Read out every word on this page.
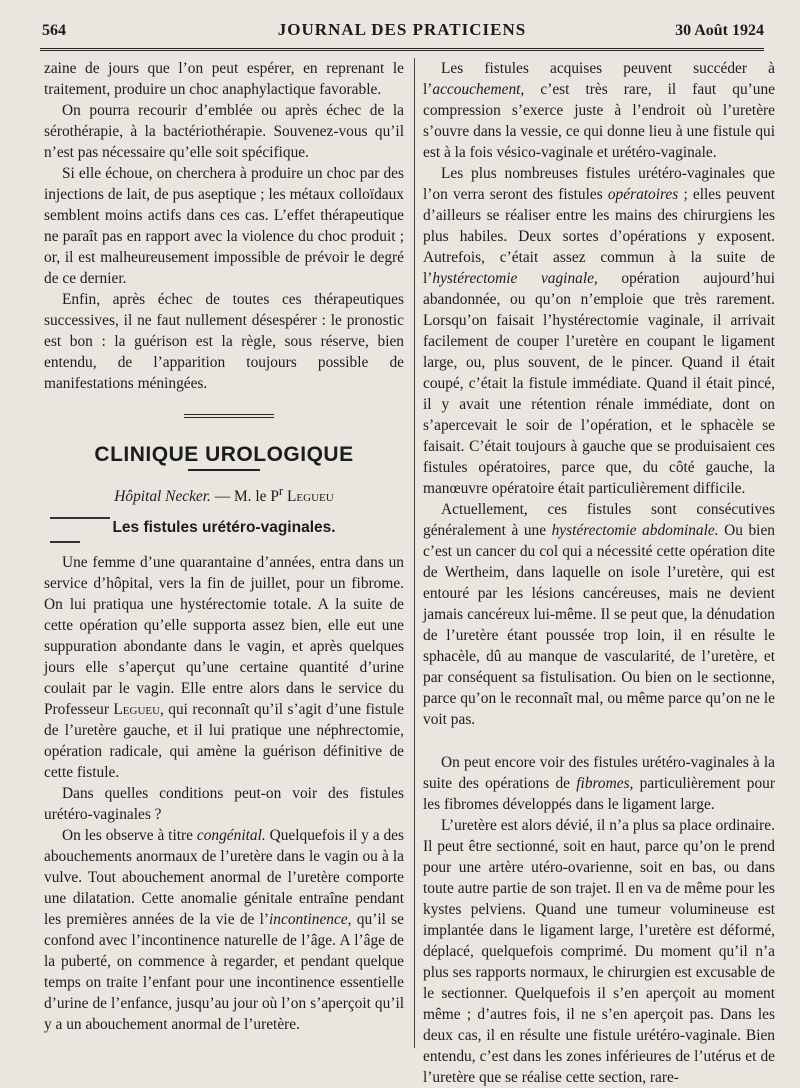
564	JOURNAL DES PRATICIENS	30 Août 1924

zaine de jours que l’on peut espérer, en reprenant le traitement, produire un choc anaphylactique favorable.

On pourra recourir d’emblée ou après échec de la sérothérapie, à la bactériothérapie. Souvenez-vous qu’il n’est pas nécessaire qu’elle soit spécifique.

Si elle échoue, on cherchera à produire un choc par des injections de lait, de pus aseptique ; les métaux colloïdaux semblent moins actifs dans ces cas. L’effet thérapeutique ne paraît pas en rapport avec la violence du choc produit ; or, il est malheureusement impossible de prévoir le degré de ce dernier.

Enfin, après échec de toutes ces thérapeutiques successives, il ne faut nullement désespérer : le pronostic est bon : la guérison est la règle, sous réserve, bien entendu, de l’apparition toujours possible de manifestations méningées.

CLINIQUE UROLOGIQUE
Hôpital Necker. — M. le $P^r$ Legueu
Les fistules urétéro-vaginales.

Une femme d’une quarantaine d’années, entra dans un service d’hôpital, vers la fin de juillet, pour un fibrome. On lui pratiqua une hystérectomie totale. A la suite de cette opération qu’elle supporta assez bien, elle eut une suppuration abondante dans le vagin, et après quelques jours elle s’aperçut qu’une certaine quantité d’urine coulait par le vagin. Elle entre alors dans le service du Professeur Legueu, qui reconnaît qu’il s’agit d’une fistule de l’uretère gauche, et il lui pratique une néphrectomie, opération radicale, qui amène la guérison définitive de cette fistule.

Dans quelles conditions peut-on voir des fistules urétéro-vaginales ?

On les observe à titre congénital. Quelquefois il y a des abouchements anormaux de l’uretère dans le vagin ou à la vulve. Tout abouchement anormal de l’uretère comporte une dilatation. Cette anomalie génitale entraîne pendant les premières années de la vie de l’incontinence, qu’il se confond avec l’incontinence naturelle de l’âge. A l’âge de la puberté, on commence à regarder, et pendant quelque temps on traite l’enfant pour une incontinence essentielle d’urine de l’enfance, jusqu’au jour où l’on s’aperçoit qu’il y a un abouchement anormal de l’uretère.

Les fistules acquises peuvent succéder à l’accouchement, c’est très rare, il faut qu’une compression s’exerce juste à l’endroit où l’uretère s’ouvre dans la vessie, ce qui donne lieu à une fistule qui est à la fois vésico-vaginale et urétéro-vaginale.

Les plus nombreuses fistules urétéro-vaginales que l’on verra seront des fistules opératoires ; elles peuvent d’ailleurs se réaliser entre les mains des chirurgiens les plus habiles. Deux sortes d’opérations y exposent. Autrefois, c’était assez commun à la suite de l’hystérectomie vaginale, opération aujourd’hui abandonnée, ou qu’on n’emploie que très rarement. Lorsqu’on faisait l’hystérectomie vaginale, il arrivait facilement de couper l’uretère en coupant le ligament large, ou, plus souvent, de le pincer. Quand il était coupé, c’était la fistule immédiate. Quand il était pincé, il y avait une rétention rénale immédiate, dont on s’apercevait le soir de l’opération, et le sphacèle se faisait. C’était toujours à gauche que se produisaient ces fistules opératoires, parce que, du côté gauche, la manœuvre opératoire était particulièrement difficile.

Actuellement, ces fistules sont consécutives généralement à une hystérectomie abdominale. Ou bien c’est un cancer du col qui a nécessité cette opération dite de Wertheim, dans laquelle on isole l’uretère, qui est entouré par les lésions cancéreuses, mais ne devient jamais cancéreux lui-même. Il se peut que, la dénudation de l’uretère étant poussée trop loin, il en résulte le sphacèle, dû au manque de vascularité, de l’uretère, et par conséquent sa fistulisation. Ou bien on le sectionne, parce qu’on le reconnaît mal, ou même parce qu’on ne le voit pas.

On peut encore voir des fistules urétéro-vaginales à la suite des opérations de fibromes, particulièrement pour les fibromes développés dans le ligament large.

L’uretère est alors dévié, il n’a plus sa place ordinaire. Il peut être sectionné, soit en haut, parce qu’on le prend pour une artère utéro-ovarienne, soit en bas, ou dans toute autre partie de son trajet. Il en va de même pour les kystes pelviens. Quand une tumeur volumineuse est implantée dans le ligament large, l’uretère est déformé, déplacé, quelquefois comprimé. Du moment qu’il n’a plus ses rapports normaux, le chirurgien est excusable de le sectionner. Quelquefois il s’en aperçoit au moment même ; d’autres fois, il ne s’en aperçoit pas. Dans les deux cas, il en résulte une fistule urétéro-vaginale. Bien entendu, c’est dans les zones inférieures de l’utérus et de l’uretère que se réalise cette section, rare-
